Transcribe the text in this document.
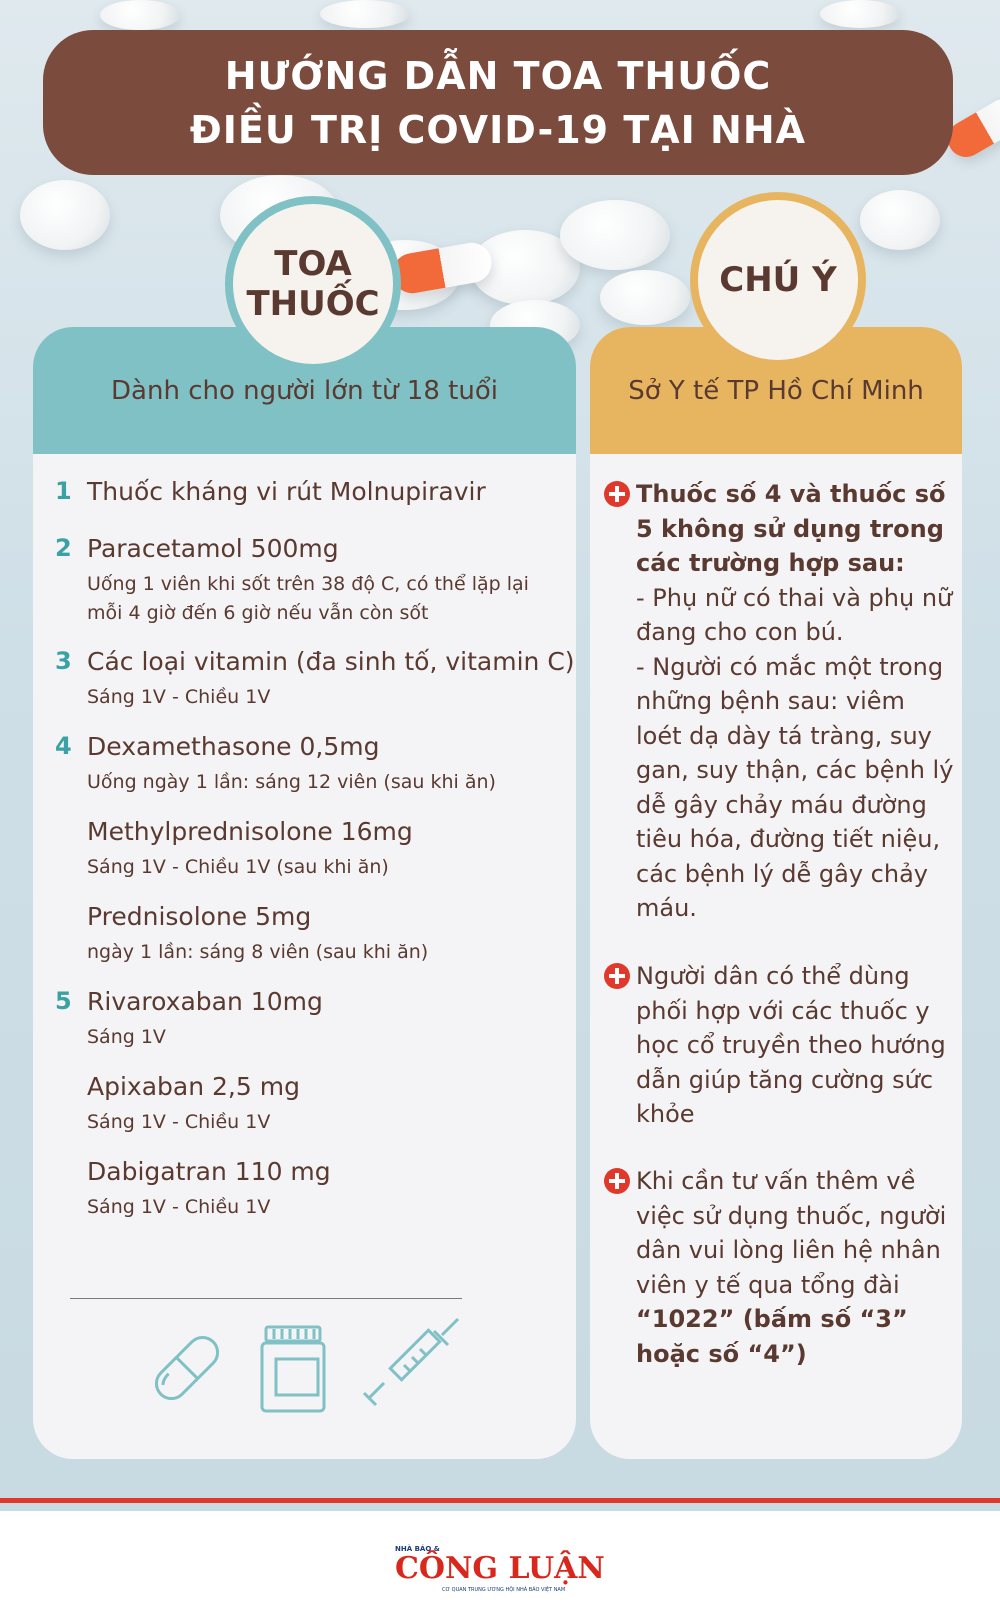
HƯỚNG DẪN TOA THUỐC
ĐIỀU TRỊ COVID-19 TẠI NHÀ
Dành cho người lớn từ 18 tuổi
1 Thuốc kháng vi rút Molnupiravir
2 Paracetamol 500mg
Uống 1 viên khi sốt trên 38 độ C, có thể lặp lại
mỗi 4 giờ đến 6 giờ nếu vẫn còn sốt
3 Các loại vitamin (đa sinh tố, vitamin C)
Sáng 1V - Chiều 1V
4 Dexamethasone 0,5mg
Uống ngày 1 lần: sáng 12 viên (sau khi ăn)
Methylprednisolone 16mg
Sáng 1V - Chiều 1V (sau khi ăn)
Prednisolone 5mg
ngày 1 lần: sáng 8 viên (sau khi ăn)
5 Rivaroxaban 10mg
Sáng 1V
Apixaban 2,5 mg
Sáng 1V - Chiều 1V
Dabigatran 110 mg
Sáng 1V - Chiều 1V
Sở Y tế TP Hồ Chí Minh
Thuốc số 4 và thuốc số 5 không sử dụng trong các trường hợp sau:
- Phụ nữ có thai và phụ nữ đang cho con bú.
- Người có mắc một trong những bệnh sau: viêm loét dạ dày tá tràng, suy gan, suy thận, các bệnh lý dễ gây chảy máu đường tiêu hóa, đường tiết niệu, các bệnh lý dễ gây chảy máu.
Người dân có thể dùng phối hợp với các thuốc y học cổ truyền theo hướng dẫn giúp tăng cường sức khỏe
Khi cần tư vấn thêm về việc sử dụng thuốc, người dân vui lòng liên hệ nhân viên y tế qua tổng đài “1022” (bấm số “3” hoặc số “4”)
TOA
THUỐC
CHÚ Ý
NHÀ BÁO &
CÔNG LUẬN
CƠ QUAN TRUNG ƯƠNG HỘI NHÀ BÁO VIỆT NAM
